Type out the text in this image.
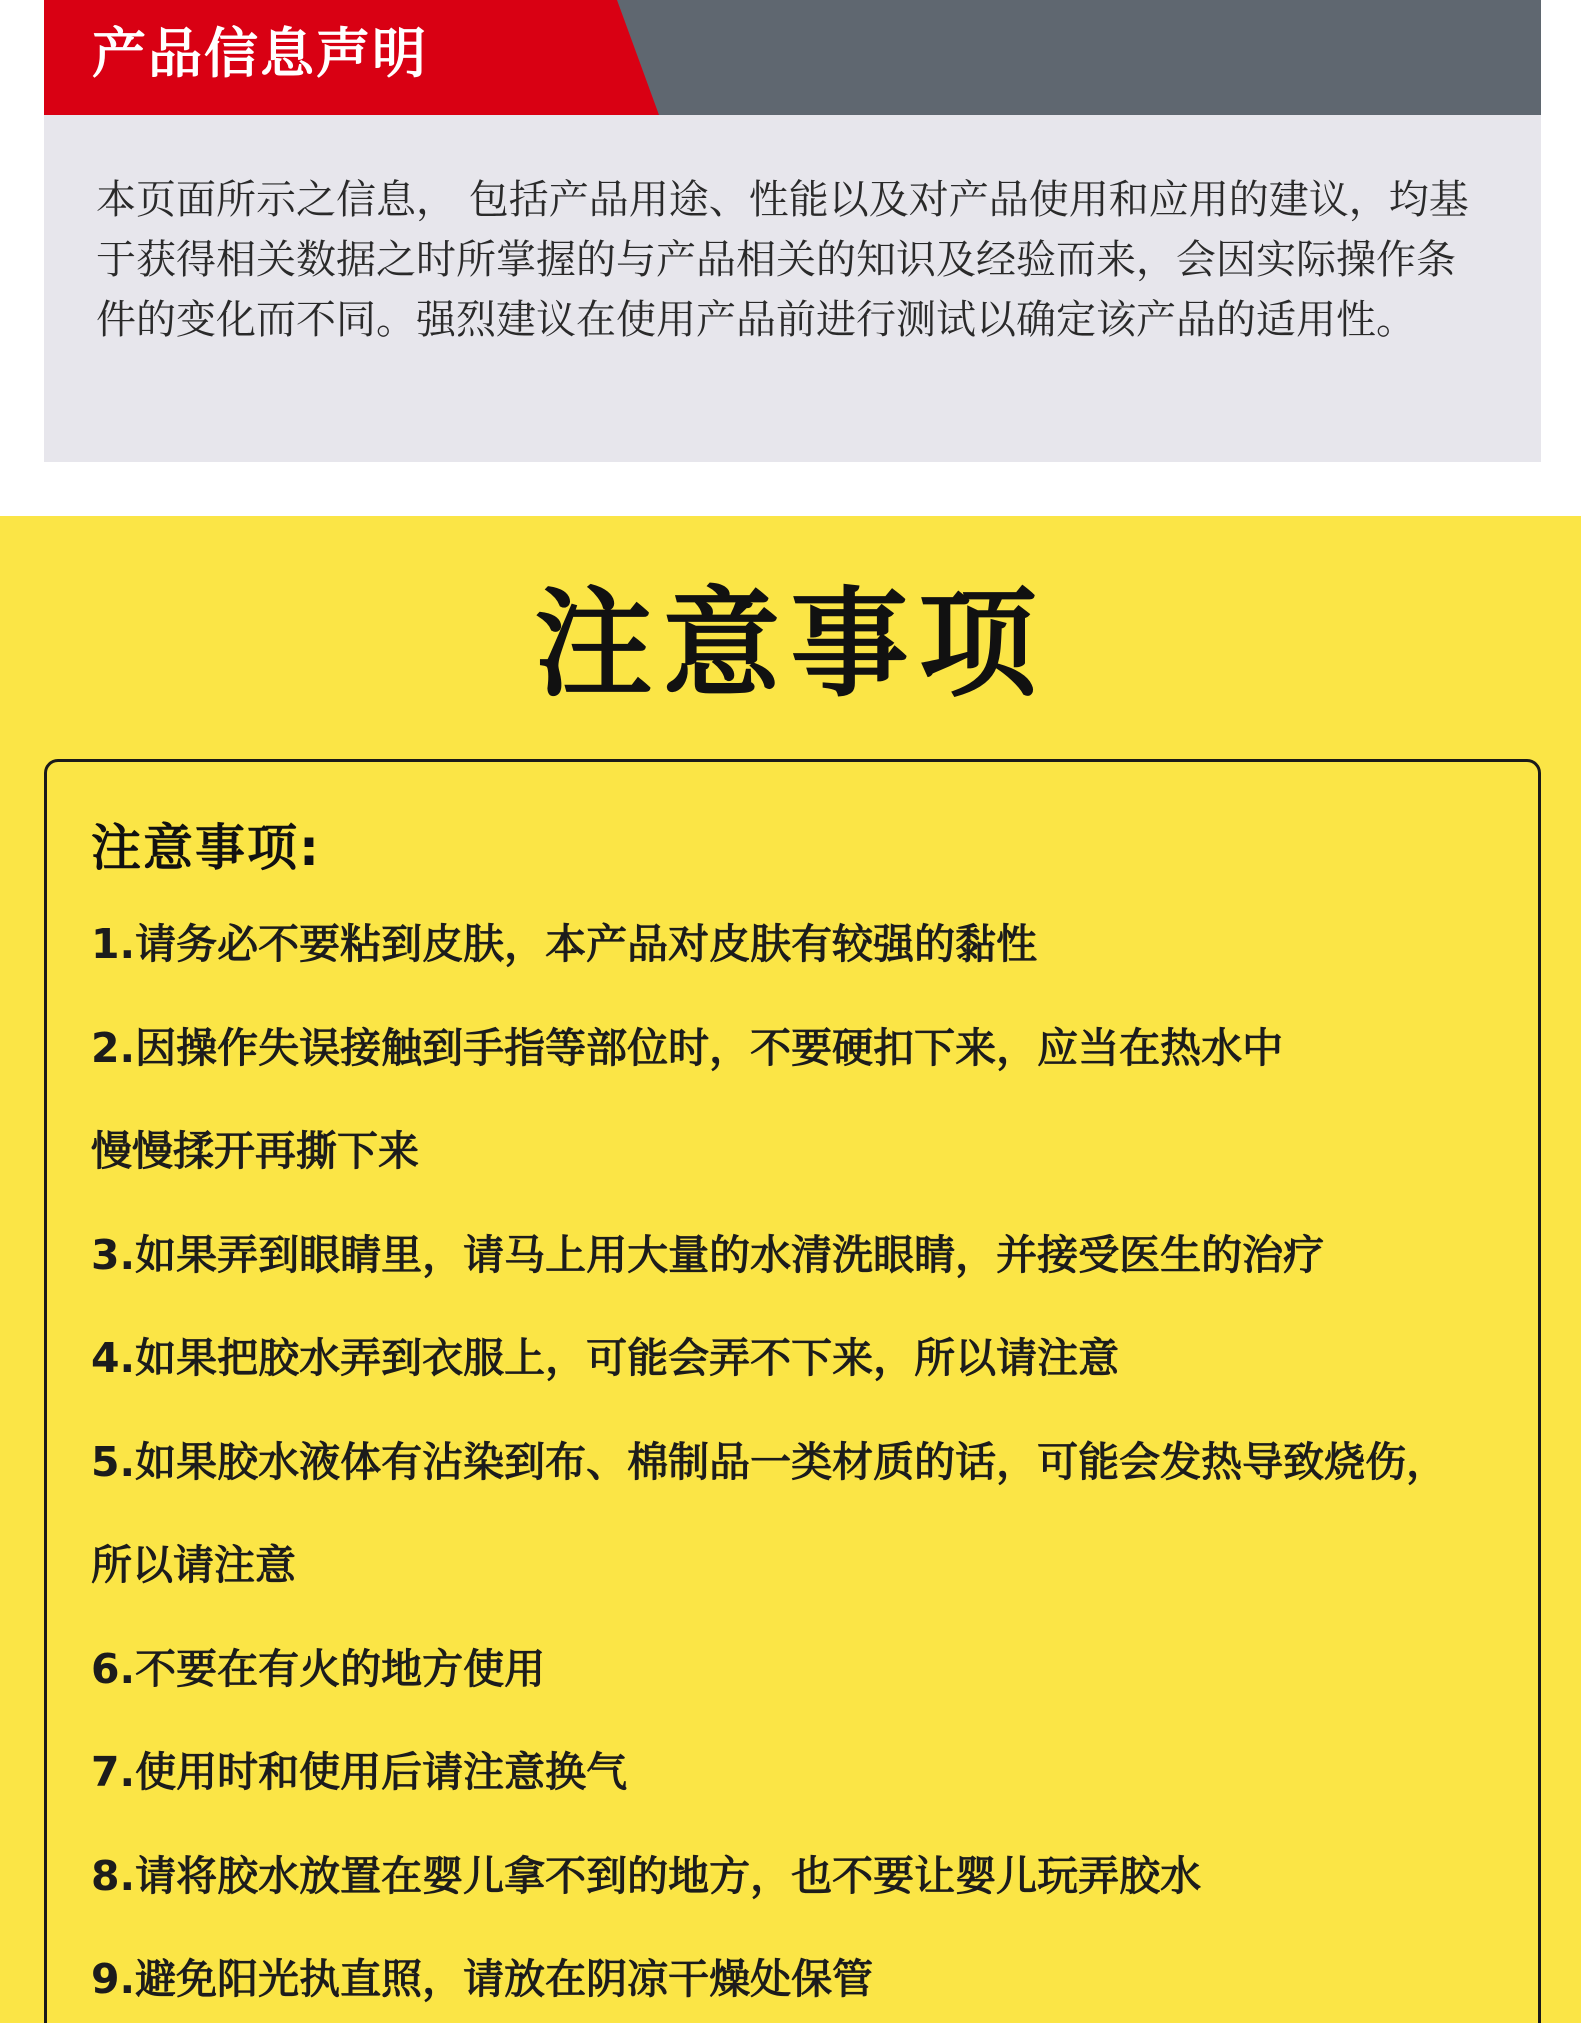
产品信息声明

本页面所示之信息， 包括产品用途、性能以及对产品使用和应用的建议，均基于获得相关数据之时所掌握的与产品相关的知识及经验而来，会因实际操作条件的变化而不同。强烈建议在使用产品前进行测试以确定该产品的适用性。

注意事项
注意事项:
1.请务必不要粘到皮肤，本产品对皮肤有较强的黏性
2.因操作失误接触到手指等部位时，不要硬扣下来，应当在热水中
慢慢揉开再撕下来
3.如果弄到眼睛里，请马上用大量的水清洗眼睛，并接受医生的治疗
4.如果把胶水弄到衣服上，可能会弄不下来，所以请注意
5.如果胶水液体有沾染到布、棉制品一类材质的话，可能会发热导致烧伤，
所以请注意
6.不要在有火的地方使用
7.使用时和使用后请注意换气
8.请将胶水放置在婴儿拿不到的地方，也不要让婴儿玩弄胶水
9.避免阳光执直照，请放在阴凉干燥处保管
